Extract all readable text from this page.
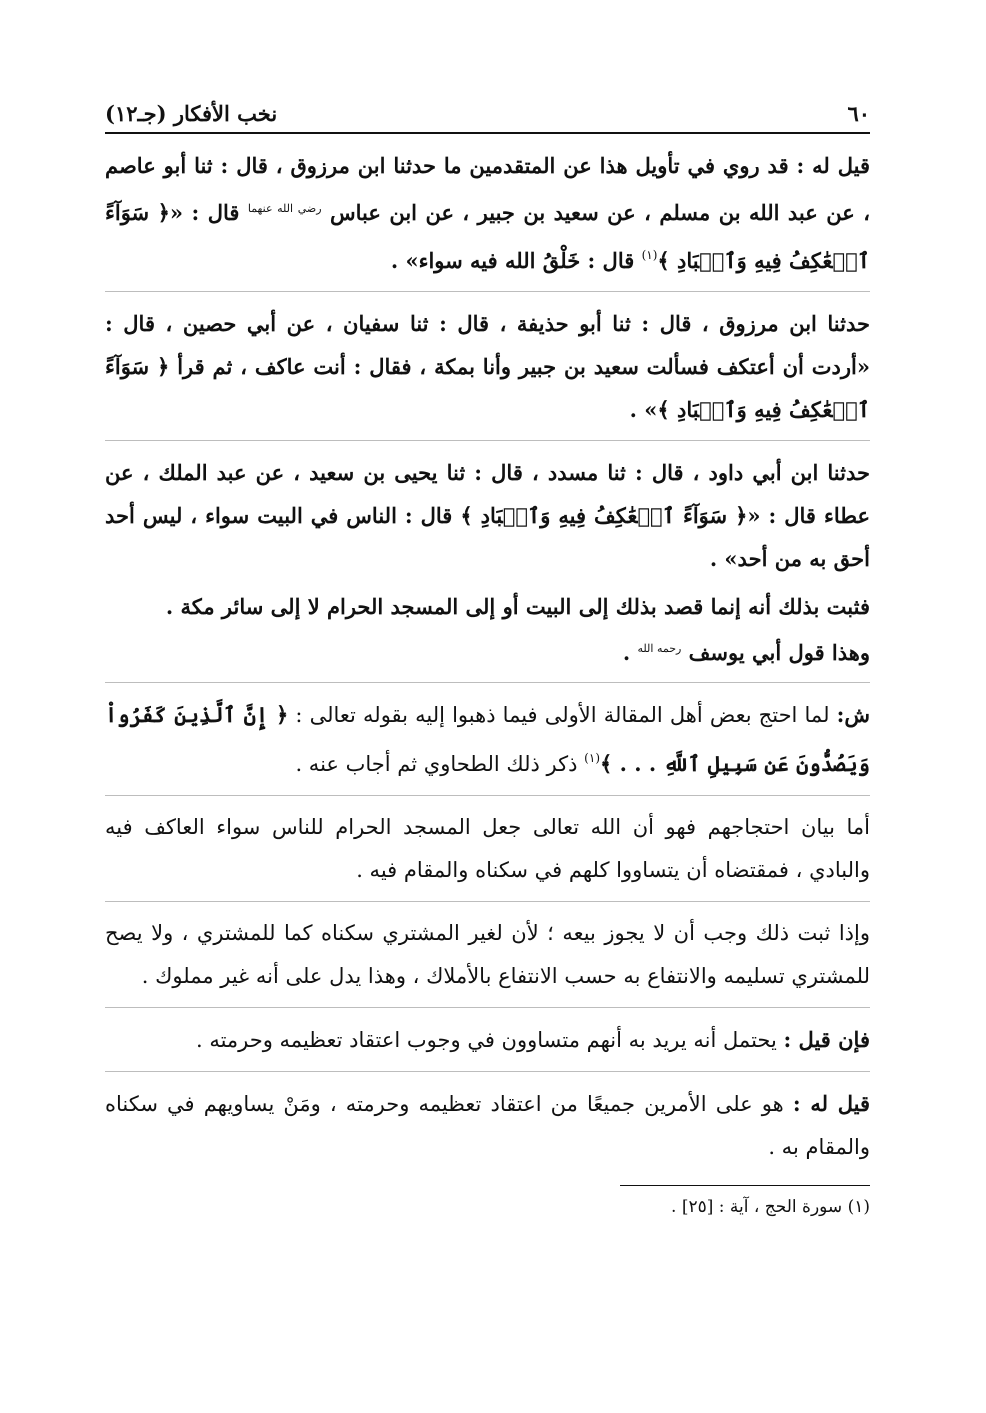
٦٠
نخب الأفكار (جـ١٢)
قيل له : قد روي في تأويل هذا عن المتقدمين ما حدثنا ابن مرزوق ، قال : ثنا أبو عاصم ، عن عبد الله بن مسلم ، عن سعيد بن جبير ، عن ابن عباس $^{رضي الله عنهما}$ قال : «﴿ سَوَآءً ٱلۡعَٰكِفُ فِيهِ وَٱلۡبَادِ ﴾$^{(١)}$ قال : خَلْقُ الله فيه سواء» .
حدثنا ابن مرزوق ، قال : ثنا أبو حذيفة ، قال : ثنا سفيان ، عن أبي حصين ، قال : «أردت أن أعتكف فسألت سعيد بن جبير وأنا بمكة ، فقال : أنت عاكف ، ثم قرأ ﴿ سَوَآءً ٱلۡعَٰكِفُ فِيهِ وَٱلۡبَادِ ﴾» .
حدثنا ابن أبي داود ، قال : ثنا مسدد ، قال : ثنا يحيى بن سعيد ، عن عبد الملك ، عن عطاء قال : «﴿ سَوَآءً ٱلۡعَٰكِفُ فِيهِ وَٱلۡبَادِ ﴾ قال : الناس في البيت سواء ، ليس أحد أحق به من أحد» .
فثبت بذلك أنه إنما قصد بذلك إلى البيت أو إلى المسجد الحرام لا إلى سائر مكة .
وهذا قول أبي يوسف $^{رحمه الله}$ .
ش: لما احتج بعض أهل المقالة الأولى فيما ذهبوا إليه بقوله تعالى : ﴿ إِنَّ ٱلَّذِينَ كَفَرُواْ وَيَصُدُّونَ عَن سَبِيلِ ٱللَّهِ . . . ﴾$^{(١)}$ ذكر ذلك الطحاوي ثم أجاب عنه .
أما بيان احتجاجهم فهو أن الله تعالى جعل المسجد الحرام للناس سواء العاكف فيه والبادي ، فمقتضاه أن يتساووا كلهم في سكناه والمقام فيه .
وإذا ثبت ذلك وجب أن لا يجوز بيعه ؛ لأن لغير المشتري سكناه كما للمشتري ، ولا يصح للمشتري تسليمه والانتفاع به حسب الانتفاع بالأملاك ، وهذا يدل على أنه غير مملوك .
فإن قيل : يحتمل أنه يريد به أنهم متساوون في وجوب اعتقاد تعظيمه وحرمته .
قيل له : هو على الأمرين جميعًا من اعتقاد تعظيمه وحرمته ، ومَنْ يساويهم في سكناه والمقام به .
(١) سورة الحج ، آية : [٢٥] .
